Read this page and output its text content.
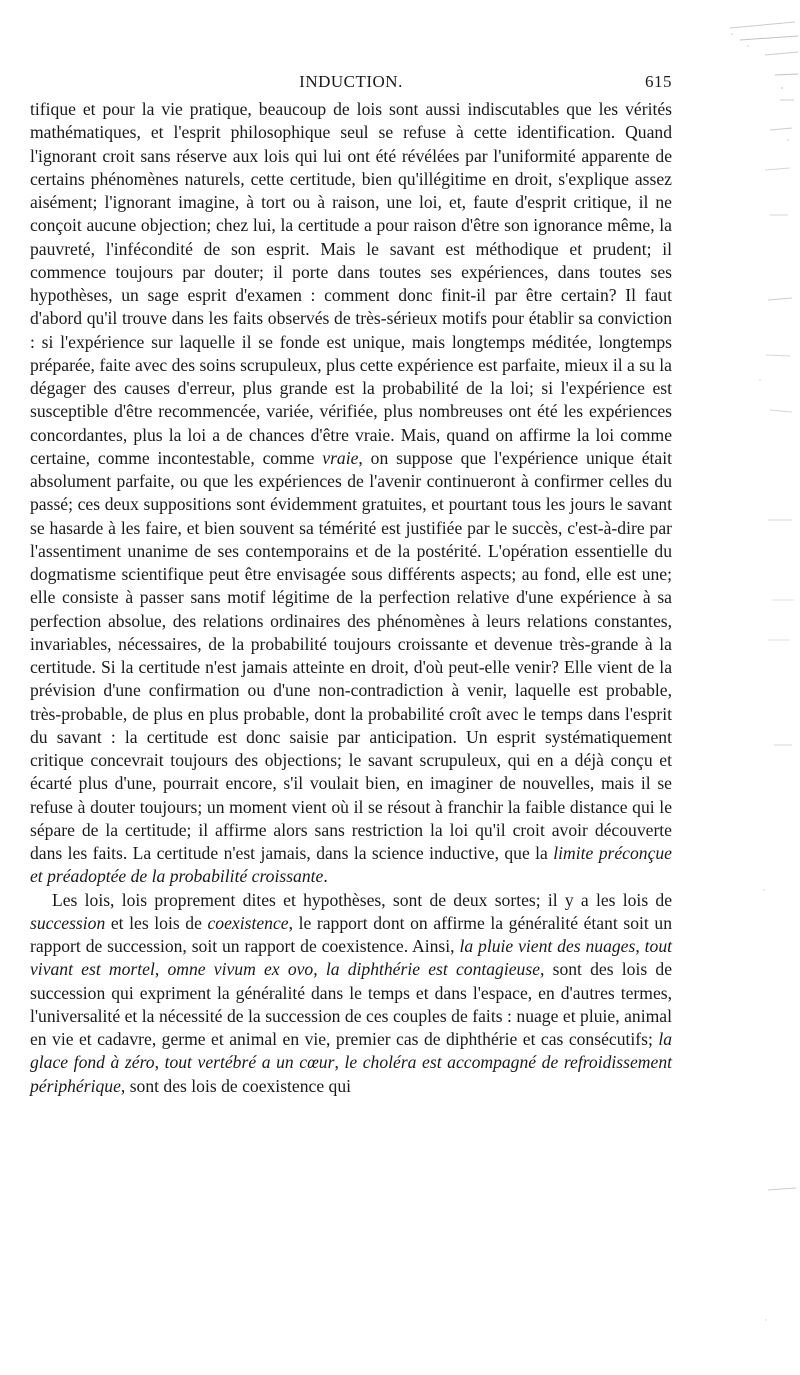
INDUCTION.	615

tifique et pour la vie pratique, beaucoup de lois sont aussi indiscutables que les vérités mathématiques, et l'esprit philosophique seul se refuse à cette identification. Quand l'ignorant croit sans réserve aux lois qui lui ont été révélées par l'uniformité apparente de certains phénomènes naturels, cette certitude, bien qu'illégitime en droit, s'explique assez aisément; l'ignorant imagine, à tort ou à raison, une loi, et, faute d'esprit critique, il ne conçoit aucune objection; chez lui, la certitude a pour raison d'être son ignorance même, la pauvreté, l'infécondité de son esprit. Mais le savant est méthodique et prudent; il commence toujours par douter; il porte dans toutes ses expériences, dans toutes ses hypothèses, un sage esprit d'examen : comment donc finit-il par être certain? Il faut d'abord qu'il trouve dans les faits observés de très-sérieux motifs pour établir sa conviction : si l'expérience sur laquelle il se fonde est unique, mais longtemps méditée, longtemps préparée, faite avec des soins scrupuleux, plus cette expérience est parfaite, mieux il a su la dégager des causes d'erreur, plus grande est la probabilité de la loi; si l'expérience est susceptible d'être recommencée, variée, vérifiée, plus nombreuses ont été les expériences concordantes, plus la loi a de chances d'être vraie. Mais, quand on affirme la loi comme certaine, comme incontestable, comme vraie, on suppose que l'expérience unique était absolument parfaite, ou que les expériences de l'avenir continueront à confirmer celles du passé; ces deux suppositions sont évidemment gratuites, et pourtant tous les jours le savant se hasarde à les faire, et bien souvent sa témérité est justifiée par le succès, c'est-à-dire par l'assentiment unanime de ses contemporains et de la postérité. L'opération essentielle du dogmatisme scientifique peut être envisagée sous différents aspects; au fond, elle est une; elle consiste à passer sans motif légitime de la perfection relative d'une expérience à sa perfection absolue, des relations ordinaires des phénomènes à leurs relations constantes, invariables, nécessaires, de la probabilité toujours croissante et devenue très-grande à la certitude. Si la certitude n'est jamais atteinte en droit, d'où peut-elle venir? Elle vient de la prévision d'une confirmation ou d'une non-contradiction à venir, laquelle est probable, très-probable, de plus en plus probable, dont la probabilité croît avec le temps dans l'esprit du savant : la certitude est donc saisie par anticipation. Un esprit systématiquement critique concevrait toujours des objections; le savant scrupuleux, qui en a déjà conçu et écarté plus d'une, pourrait encore, s'il voulait bien, en imaginer de nouvelles, mais il se refuse à douter toujours; un moment vient où il se résout à franchir la faible distance qui le sépare de la certitude; il affirme alors sans restriction la loi qu'il croit avoir découverte dans les faits. La certitude n'est jamais, dans la science inductive, que la limite préconçue et préadoptée de la probabilité croissante.

Les lois, lois proprement dites et hypothèses, sont de deux sortes; il y a les lois de succession et les lois de coexistence, le rapport dont on affirme la généralité étant soit un rapport de succession, soit un rapport de coexistence. Ainsi, la pluie vient des nuages, tout vivant est mortel, omne vivum ex ovo, la diphthérie est contagieuse, sont des lois de succession qui expriment la généralité dans le temps et dans l'espace, en d'autres termes, l'universalité et la nécessité de la succession de ces couples de faits : nuage et pluie, animal en vie et cadavre, germe et animal en vie, premier cas de diphthérie et cas consécutifs; la glace fond à zéro, tout vertébré a un cœur, le choléra est accompagné de refroidissement périphérique, sont des lois de coexistence qui
